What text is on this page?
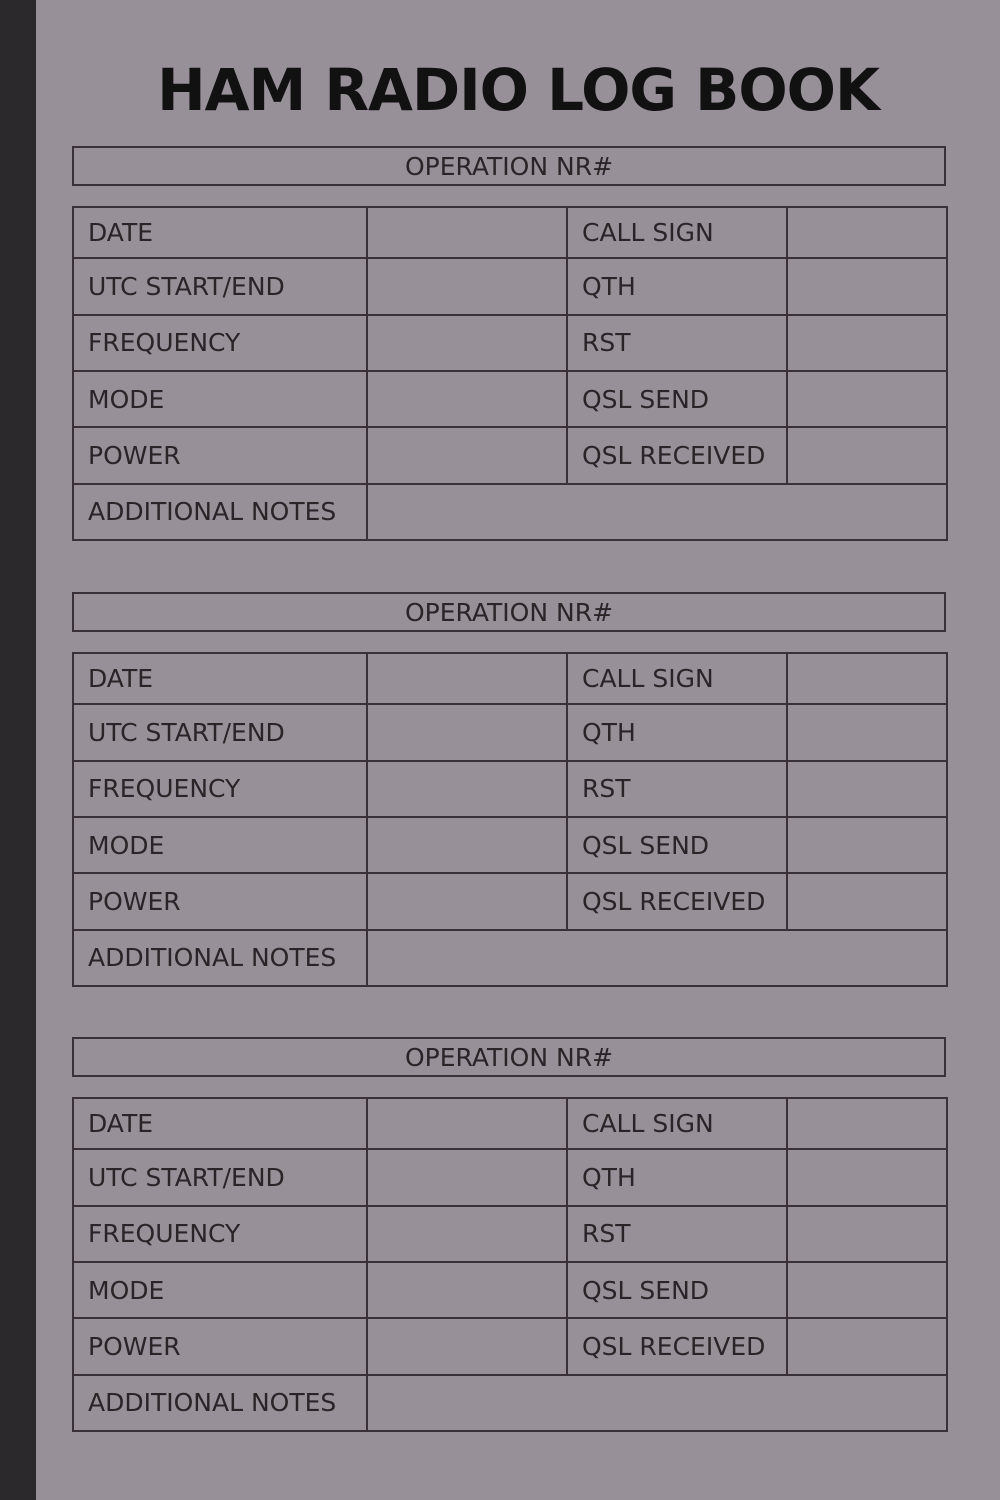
HAM RADIO LOG BOOK
OPERATION NR#
DATE		CALL SIGN	
UTC START/END		QTH	
FREQUENCY		RST	
MODE		QSL SEND	
POWER		QSL RECEIVED	
ADDITIONAL NOTES			
OPERATION NR#
DATE		CALL SIGN	
UTC START/END		QTH	
FREQUENCY		RST	
MODE		QSL SEND	
POWER		QSL RECEIVED	
ADDITIONAL NOTES			
OPERATION NR#
DATE		CALL SIGN	
UTC START/END		QTH	
FREQUENCY		RST	
MODE		QSL SEND	
POWER		QSL RECEIVED	
ADDITIONAL NOTES			
